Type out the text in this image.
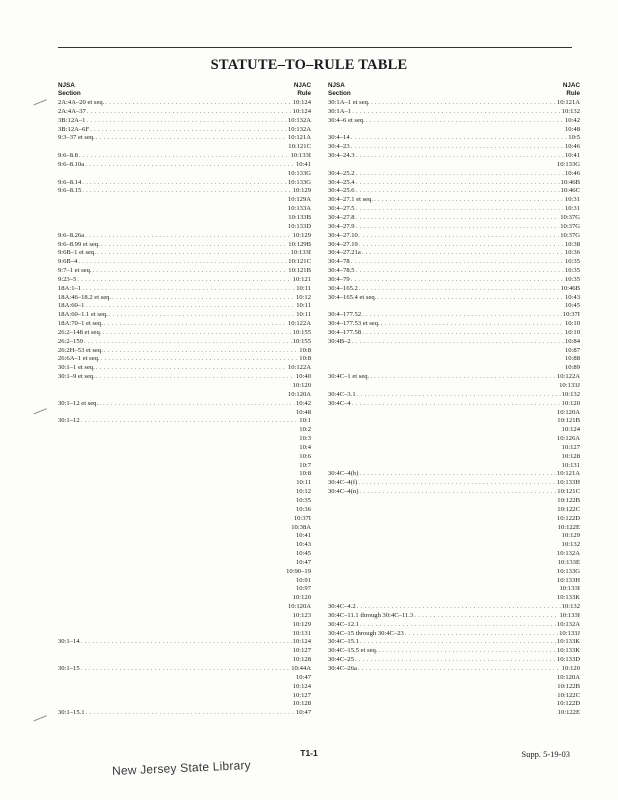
STATUTE–TO–RULE TABLE
NJSA
Section
NJAC
Rule
2A:4A–20 et seq. . . .	10:124
2A:4A–37 . . .	10:124
3B:12A–1 . . .	10:132A
3B:12A–6F . . .	10:132A
9:3–37 et seq. . . .	10:121A
10:121C
9:6–8.8 . . .	10:133I
9:6–8.10a . . .	10:41
10:133G
9:6–8.14 . . .	10:133G
9:6–8.15 . . .	10:129
10:129A
10:133A
10:133B
10:133D
9:6–8.26a . . .	10:129
9:6–8.99 et seq. . . .	10:129B
9:6B–1 et seq. . . .	10:133I
9:6B–4 . . .	10:121C
9:7–1 et seq. . . .	10:121B
9:23–5 . . .	10:121
18A:1–1 . . .	10:11
18A:46–18.2 et seq. . . .	10:12
18A:60–1 . . .	10:11
18A:60–1.1 et seq. . . .	10:11
18A:70–1 et seq. . . .	10:122A
26:2–148 et seq. . . .	10:155
26:2–159 . . .	10:155
26:2H–53 et seq. . . .	10:8
26:6A–1 et seq. . . .	10:8
30:1–1 et seq. . . .	10:122A
30:1–9 et seq. . . .	10:40
10:120
10:120A
30:1–12 et seq. . . .	10:42
10:48
30:1–12 . . .	10:1
10:2
10:3
10:4
10:6
10:7
10:8
10:11
10:12
10:35
10:36
10:37I
10:38A
10:41
10:43
10:45
10:47
10:90–19
10:91
10:97
10:120
10:120A
10:123
10:129
10:131
30:1–14 . . .	10:124
10:127
10:128
30:1–15 . . .	10:44A
10:47
10:124
10:127
10:128
30:1–15.1 . . .	10:47
NJSA
Section
NJAC
Rule
30:1A–1 et seq. . . .	10:121A
30:1A–1 . . .	10:132
30:4–6 et seq. . . .	10:42
10:48
30:4–14 . . .	10:5
30:4–23 . . .	10:46
30:4–24.3 . . .	10:41
10:133G
30:4–25.2 . . .	10:46
30:4–25.4 . . .	10:46B
30:4–25.6 . . .	10:46C
30:4–27.1 et seq. . . .	10:31
30:4–27.5 . . .	10:31
30:4–27.8 . . .	10:37G
30:4–27.9 . . .	10:37G
30:4–27.10 . . .	10:37G
30:4–27.19 . . .	10:38
30:4–27.21a . . .	10:36
30:4–78 . . .	10:35
30:4–78.5 . . .	10:35
30:4–79 . . .	10:35
30:4–165.2 . . .	10:46B
30:4–165.4 et seq. . . .	10:43
10:45
30:4–177.52 . . .	10:37I
30:4–177.53 et seq. . . .	10:10
30:4–177.58 . . .	10:10
30:4B–2 . . .	10:84
10:87
10:88
10:89
30:4C–1 et seq. . . .	10:122A
10:133J
30:4C–3.1 . . .	10:132
30:4C–4 . . .	10:120
10:120A
10:121B
10:124
10:126A
10:127
10:128
10:131
30:4C–4(b) . . .	10:121A
30:4C–4(f) . . .	10:133H
30:4C–4(n) . . .	10:121C
10:122B
10:122C
10:122D
10:122E
10:129
10:132
10:132A
10:133E
10:133G
10:133H
10:133I
10:133K
30:4C–4.2 . . .	10:132
30:4C–11.1 through 30:4C–11.3 . . .	10:133I
30:4C–12.1 . . .	10:132A
30:4C–15 through 30:4C–23 . . .	10:133J
30:4C–15.1 . . .	10:133K
30:4C–15.5 et seq. . . .	10:133K
30:4C–25 . . .	10:133D
30:4C–26a . . .	10:120
10:120A
10:122B
10:122C
10:122D
10:122E
T1-1	Supp. 5-19-03
New Jersey State Library
